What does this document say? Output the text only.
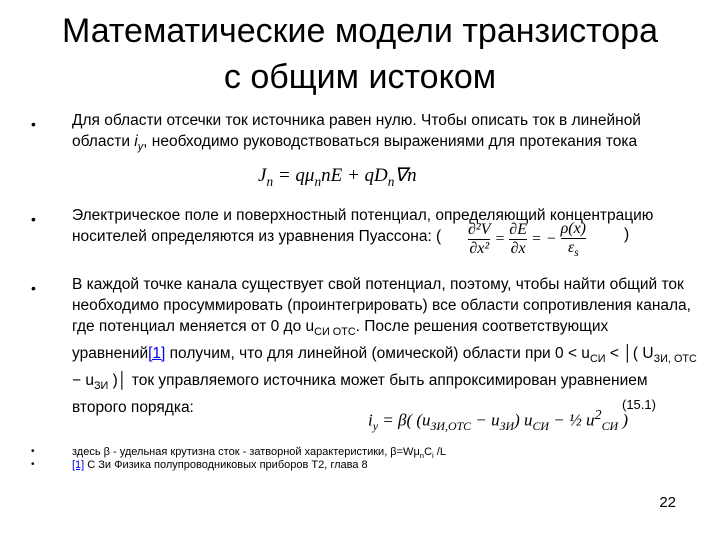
Математические модели транзистора
с общим истоком
• Для области отсечки ток источника равен нулю. Чтобы описать ток в линейной области $i_y$, необходимо руководствоваться выражениями для протекания тока
$J_n = q\mu_nnE + qD_n\nabla n$
• Электрическое поле и поверхностный потенциал, определяющий концентрацию носителей определяются из уравнения Пуассона: (	$\frac{\text{∂²V}}{\text{∂x²}} = \frac{\partial E}{\partial x}$ = − $\frac{\rho(x)}{\varepsilon_s}$ )
• В каждой точке канала существует свой потенциал, поэтому, чтобы найти общий ток необходимо просуммировать (проинтегрировать) все области сопротивления канала, где потенциал меняется от 0 до $u_{СИ ОТС}$. После решения соответствующих уравнений[1] получим, что для линейной (омической) области при $0 < u_{СИ}$ < │( $U_{ЗИ, ОТС} - u_{ЗИ}$ )│ ток управляемого источника может быть аппроксимирован уравнением второго порядка:
$i_y = \beta$( $(u_{ЗИ,ОТС} - u_{ЗИ}) u_{СИ}$ − ½ $u^2_{СИ}$ )
(15.1)
•	здесь β - удельная крутизна сток - затворной характеристики, $\beta=W\mu_nC_i$ /L
•	[1] С Зи Физика полупроводниковых приборов Т2, глава 8
22
